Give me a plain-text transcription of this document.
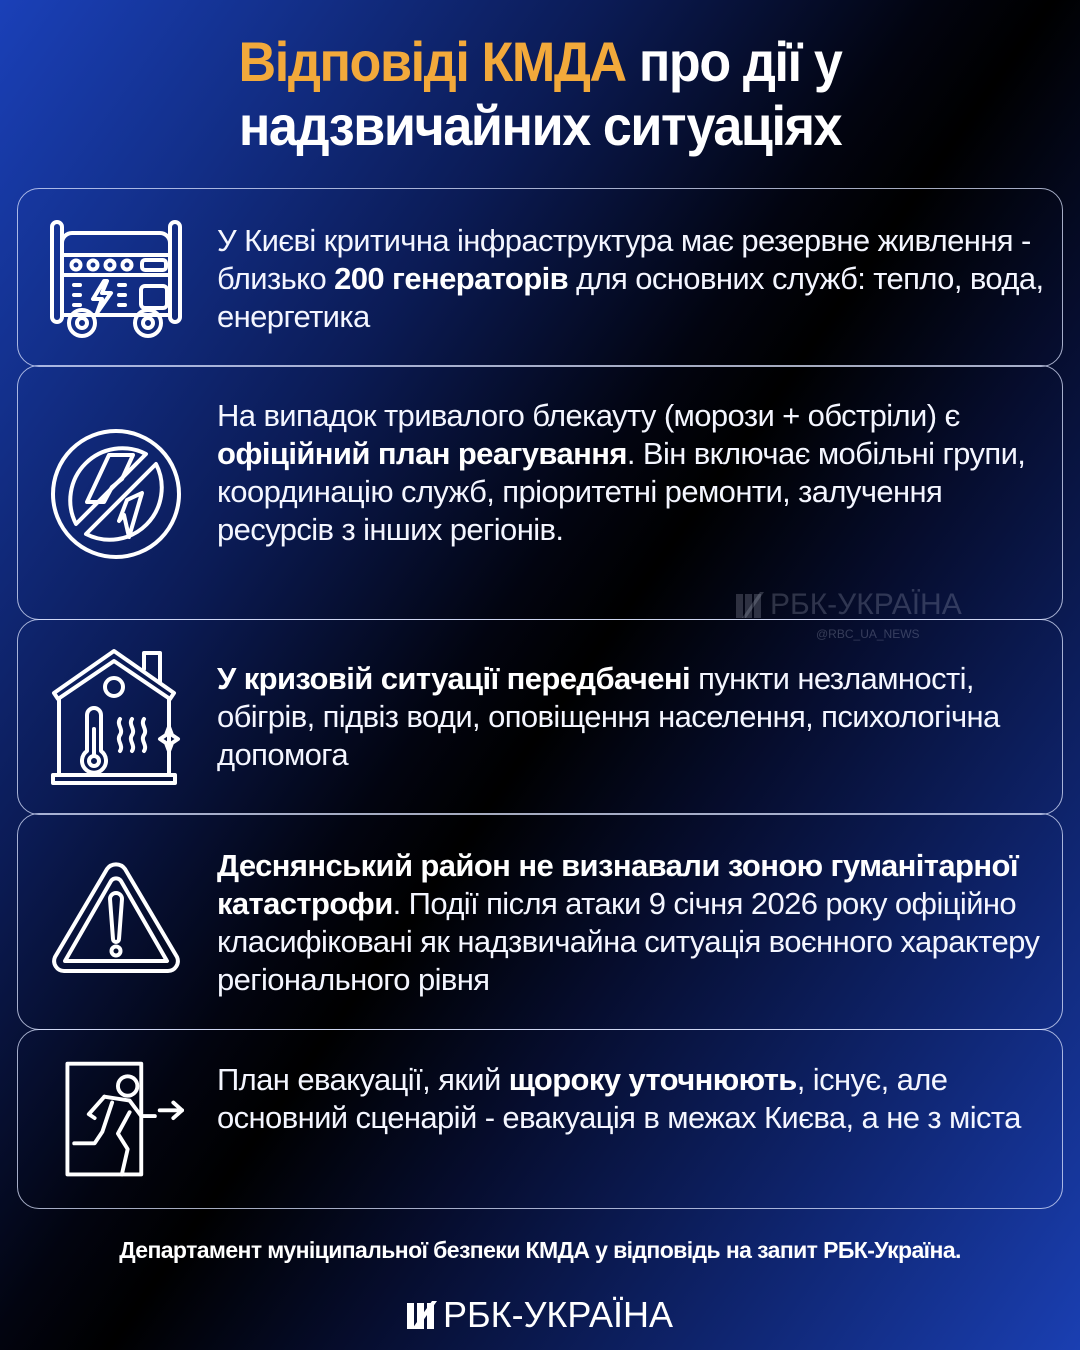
Відповіді КМДА про дії у
надзвичайних ситуаціях
У Києві критична інфраструктура має резервне живлення - близько 200 генераторів для основних служб: тепло, вода, енергетика
На випадок тривалого блекауту (морози + обстріли) є офіційний план реагування. Він включає мобільні групи, координацію служб, пріоритетні ремонти, залучення ресурсів з інших регіонів.
У кризовій ситуації передбачені пункти незламності, обігрів, підвіз води, оповіщення населення, психологічна допомога
Деснянський район не визнавали зоною гуманітарної катастрофи. Події після атаки 9 січня 2026 року офіційно класифіковані як надзвичайна ситуація воєнного характеру регіонального рівня
План евакуації, який щороку уточнюють, існує, але основний сценарій - евакуація в межах Києва, а не з міста
РБК-УКРАЇНА
@RBC_UA_NEWS
Департамент муніципальної безпеки КМДА у відповідь на запит РБК-Україна.
РБК-УКРАЇНА
